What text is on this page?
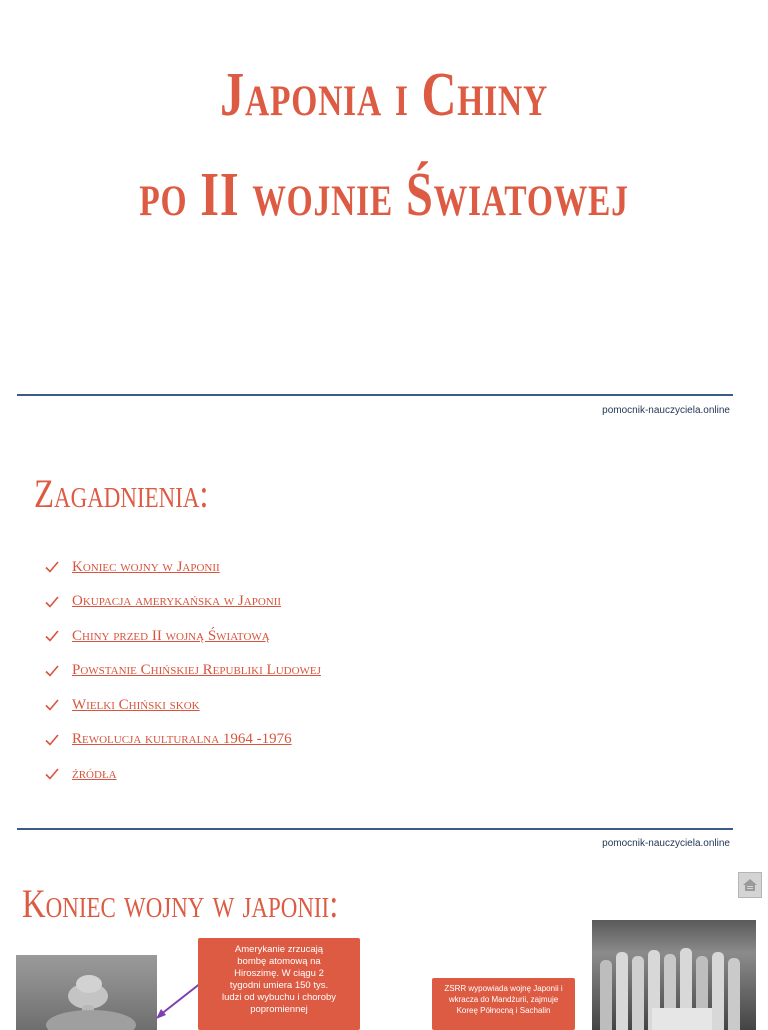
Japonia i Chiny
po II wojnie Światowej
pomocnik-nauczyciela.online
Zagadnienia:
Koniec wojny w Japonii
Okupacja amerykańska w Japonii
Chiny przed II wojną Światową
Powstanie Chińskiej Republiki Ludowej
Wielki Chiński skok
Rewolucja kulturalna 1964 -1976
źródła
pomocnik-nauczyciela.online
Koniec wojny w japonii:
Amerykanie zrzucają bombę atomową na Hiroszimę. W ciągu 2 tygodni umiera 150 tys. ludzi od wybuchu i choroby popromiennej
ZSRR wypowiada wojnę Japonii i wkracza do Mandżurii, zajmuje Koreę Północną i Sachalin
